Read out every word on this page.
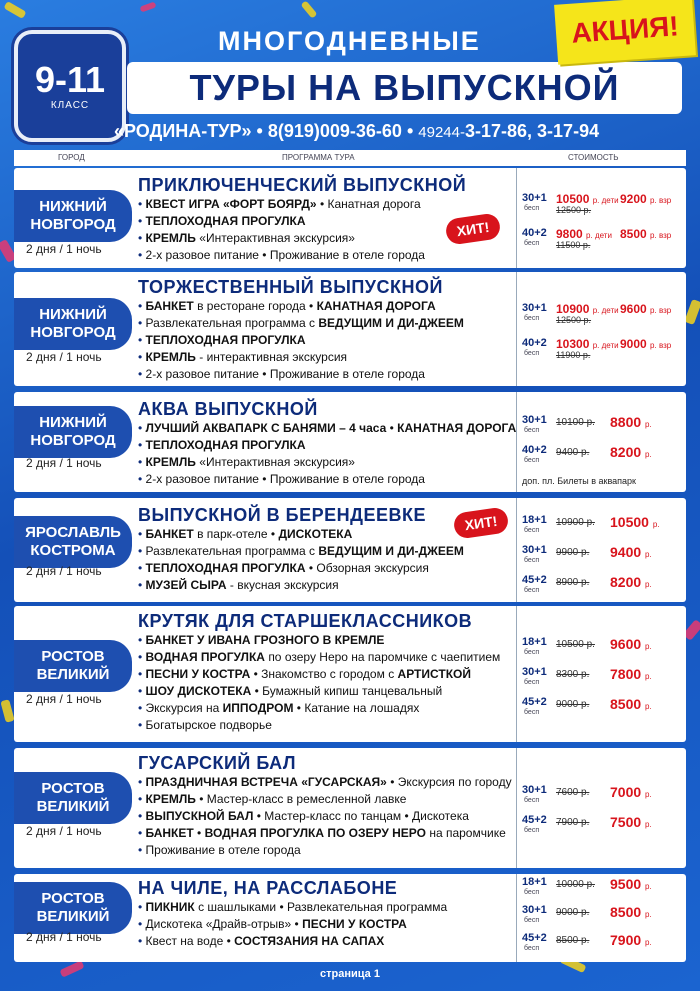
9-11
КЛАСС
МНОГОДНЕВНЫЕ
ТУРЫ НА ВЫПУСКНОЙ
АКЦИЯ!
«РОДИНА-ТУР» • 8(919)009-36-60 • 49244-3-17-86, 3-17-94
ГОРОД	ПРОГРАММА ТУРА	СТОИМОСТЬ
НИЖНИЙ
НОВГОРОД
2 дня / 1 ночь
ПРИКЛЮЧЕНЧЕСКИЙ ВЫПУСКНОЙ
• КВЕСТ ИГРА «ФОРТ БОЯРД» • Канатная дорога
• ТЕПЛОХОДНАЯ ПРОГУЛКА
• КРЕМЛЬ «Интерактивная экскурсия»
• 2-х разовое питание • Проживание в отеле города
ХИТ!
30+1
бесп
10500 р. дети 9200 р. взр
12500 р.
40+2
бесп
9800 р. дети 8500 р. взр
11500 р.
НИЖНИЙ
НОВГОРОД
2 дня / 1 ночь
ТОРЖЕСТВЕННЫЙ ВЫПУСКНОЙ
• БАНКЕТ в ресторане города • КАНАТНАЯ ДОРОГА
• Развлекательная программа с ВЕДУЩИМ И ДИ-ДЖЕЕМ
• ТЕПЛОХОДНАЯ ПРОГУЛКА
• КРЕМЛЬ - интерактивная экскурсия
• 2-х разовое питание • Проживание в отеле города
30+1
бесп
10900 р. дети 9600 р. взр
12500 р.
40+2
бесп
10300 р. дети 9000 р. взр
11900 р.
НИЖНИЙ
НОВГОРОД
2 дня / 1 ночь
АКВА ВЫПУСКНОЙ
• ЛУЧШИЙ АКВАПАРК С БАНЯМИ – 4 часа • КАНАТНАЯ ДОРОГА
• ТЕПЛОХОДНАЯ ПРОГУЛКА
• КРЕМЛЬ «Интерактивная экскурсия»
• 2-х разовое питание • Проживание в отеле города
30+1
бесп
10100 р. 8800 р.
40+2
бесп
9400 р. 8200 р.
доп. пл. Билеты в аквапарк
ЯРОСЛАВЛЬ
КОСТРОМА
2 дня / 1 ночь
ВЫПУСКНОЙ В БЕРЕНДЕЕВКЕ
• БАНКЕТ в парк-отеле • ДИСКОТЕКА
• Развлекательная программа с ВЕДУЩИМ И ДИ-ДЖЕЕМ
• ТЕПЛОХОДНАЯ ПРОГУЛКА • Обзорная экскурсия
• МУЗЕЙ СЫРА - вкусная экскурсия
ХИТ!	18+1
бесп
10900 р. 10500 р.
30+1
бесп
9900 р. 9400 р.
45+2
бесп
8900 р. 8200 р.
РОСТОВ
ВЕЛИКИЙ
2 дня / 1 ночь
КРУТЯК ДЛЯ СТАРШЕКЛАССНИКОВ
• БАНКЕТ У ИВАНА ГРОЗНОГО В КРЕМЛЕ
• ВОДНАЯ ПРОГУЛКА по озеру Неро на паромчике с чаепитием
• ПЕСНИ У КОСТРА • Знакомство с городом с АРТИСТКОЙ
• ШОУ ДИСКОТЕКА • Бумажный кипиш танцевальный
• Экскурсия на ИППОДРОМ • Катание на лошадях
• Богатырское подворье
18+1
бесп
10500 р. 9600 р.
30+1
бесп
8300 р. 7800 р.
45+2
бесп
9000 р. 8500 р.
РОСТОВ
ВЕЛИКИЙ
2 дня / 1 ночь
ГУСАРСКИЙ БАЛ
• ПРАЗДНИЧНАЯ ВСТРЕЧА «ГУСАРСКАЯ» • Экскурсия по городу
• КРЕМЛЬ • Мастер-класс в ремесленной лавке
• ВЫПУСКНОЙ БАЛ • Мастер-класс по танцам • Дискотека
• БАНКЕТ • ВОДНАЯ ПРОГУЛКА ПО ОЗЕРУ НЕРО на паромчике
• Проживание в отеле города
30+1
бесп
7600 р. 7000 р.
45+2
бесп
7900 р. 7500 р.
РОСТОВ
ВЕЛИКИЙ
2 дня / 1 ночь
НА ЧИЛЕ, НА РАССЛАБОНЕ
• ПИКНИК с шашлыками • Развлекательная программа
• Дискотека «Драйв-отрыв» • ПЕСНИ У КОСТРА
• Квест на воде • СОСТЯЗАНИЯ НА САПАХ
18+1
бесп
10000 р. 9500 р.
30+1
бесп
9000 р. 8500 р.
45+2
бесп
8500 р. 7900 р.
страница 1
